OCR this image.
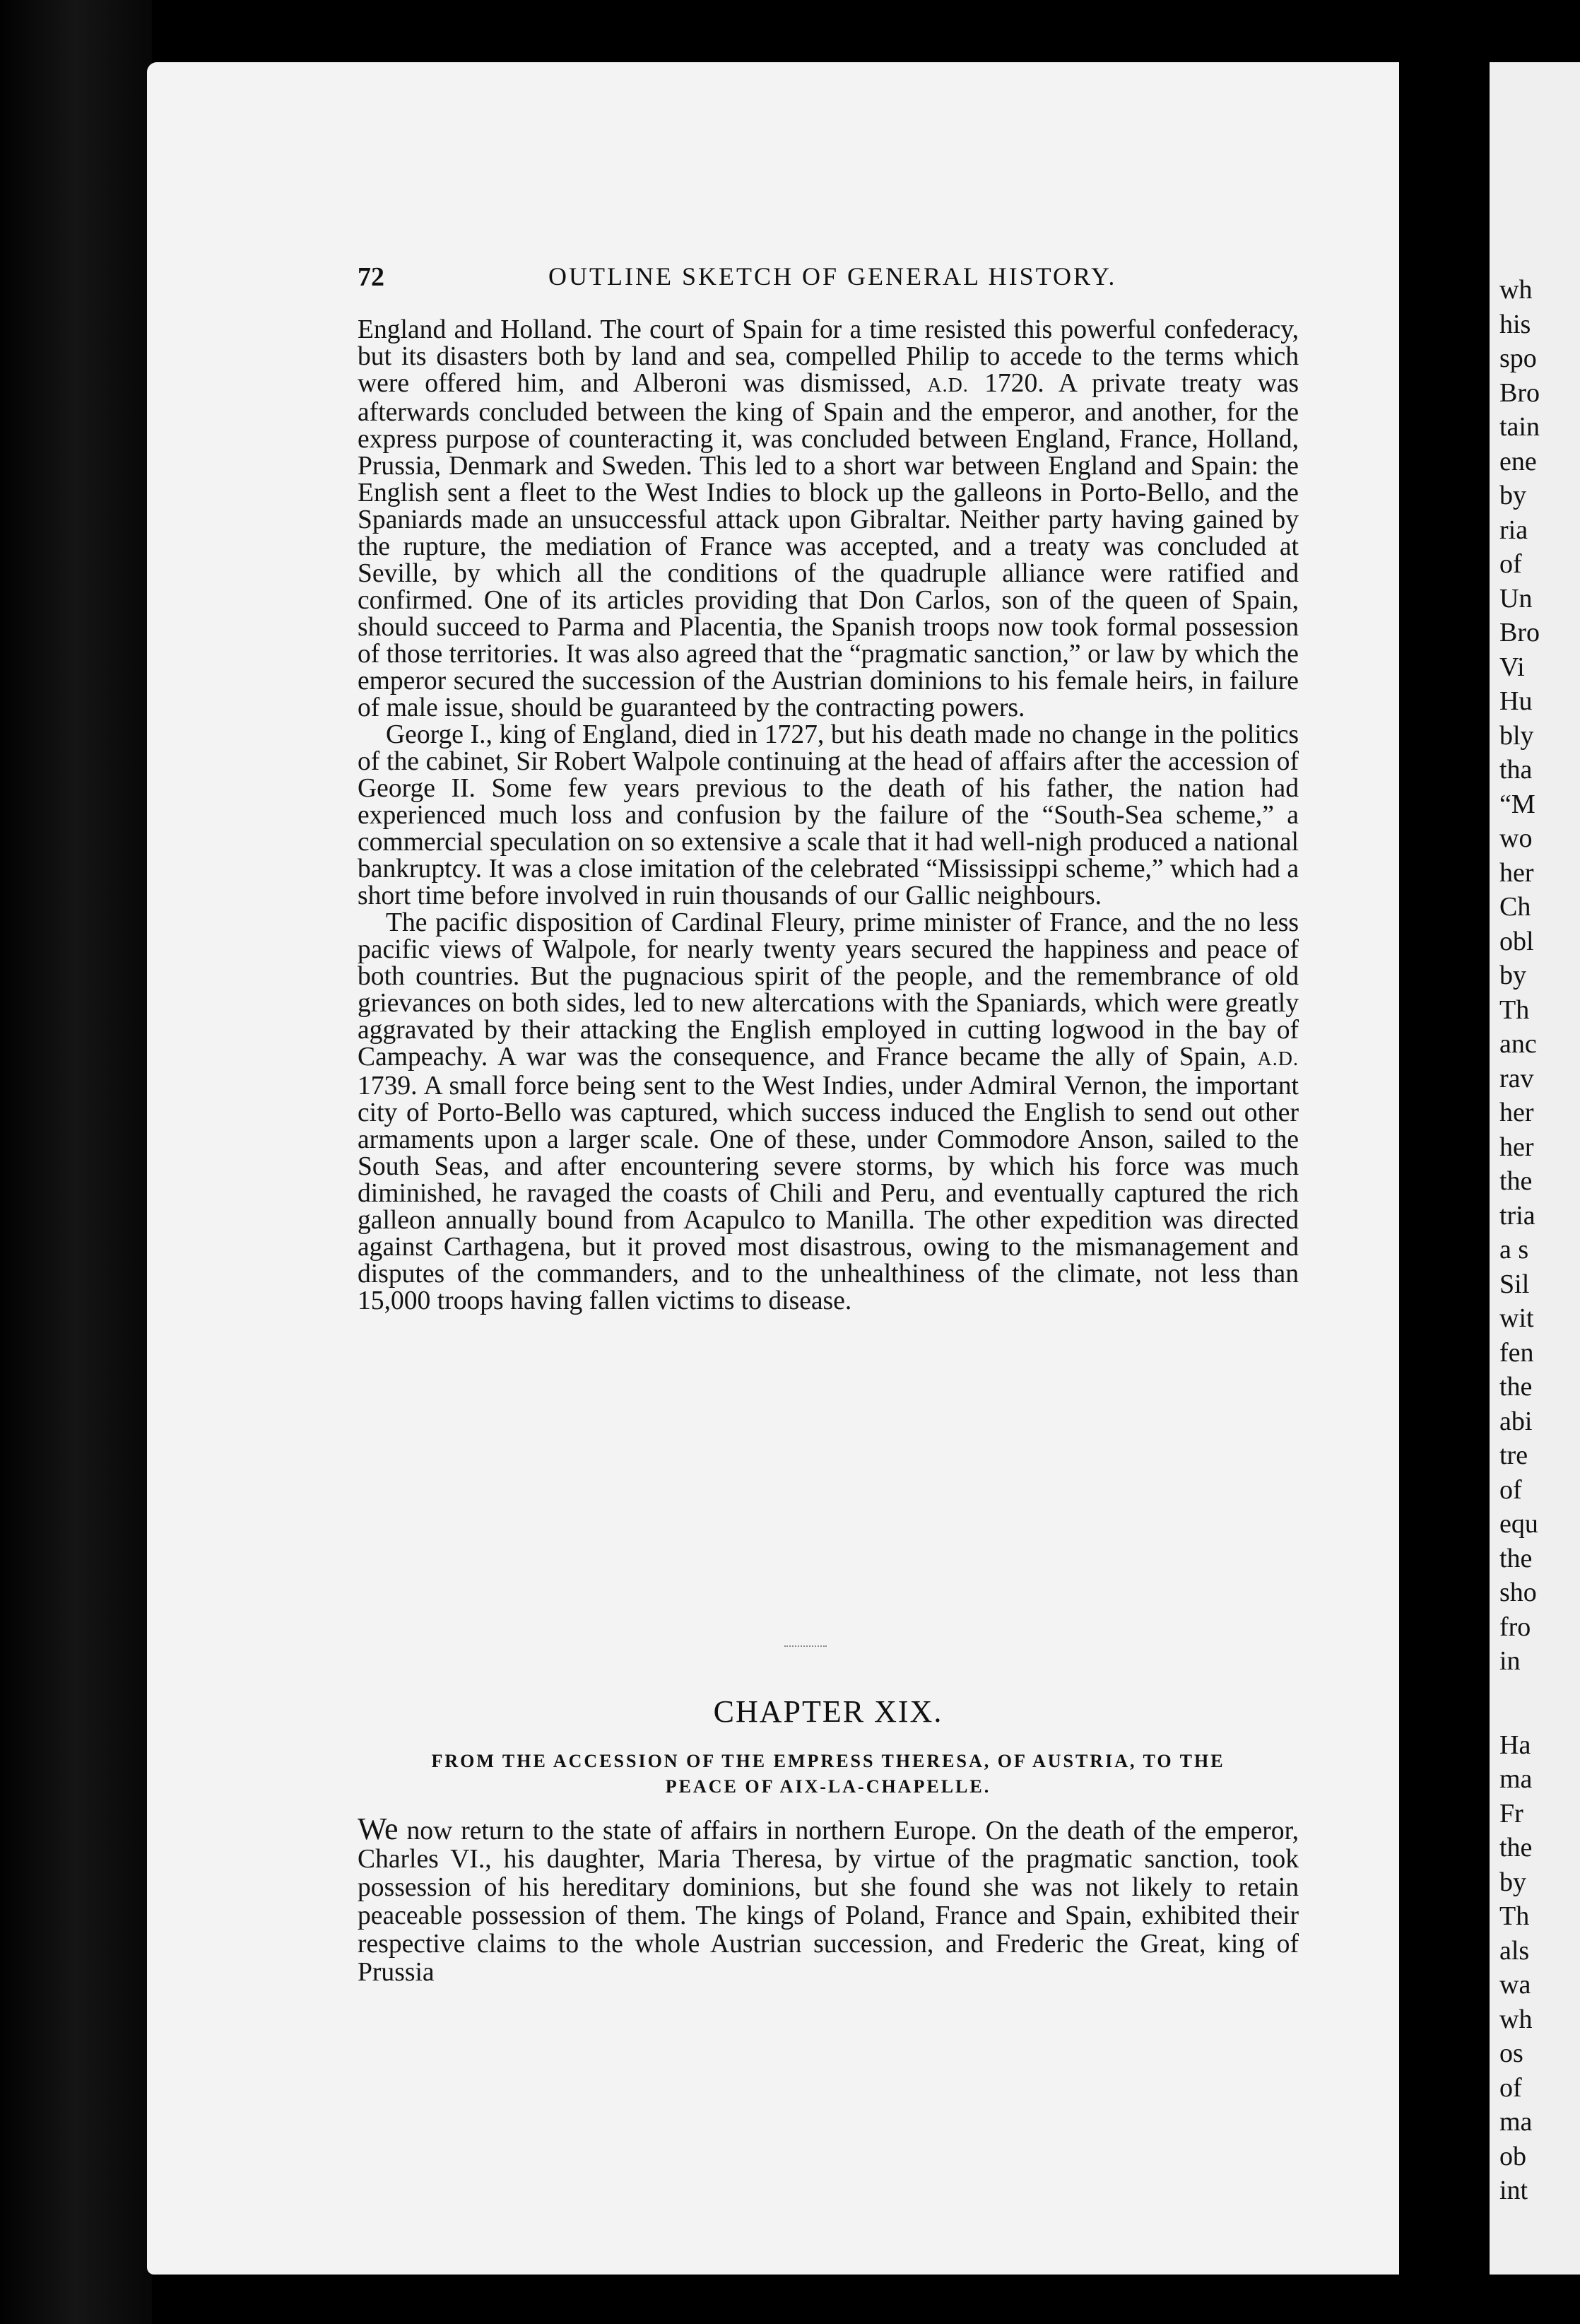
wh
his
spo
Bro
tain
ene
by
ria
of
Un
Bro
Vi
Hu
bly
tha
“M
wo
her
Ch
obl
by
Th
anc
rav
her
her
the
tria
a s
Sil
wit
fen
the
abi
tre
of
equ
the
sho
fro
in
Ha
ma
Fr
the
by
Th
als
wa
wh
os
of
ma
ob
int
72	OUTLINE SKETCH OF GENERAL HISTORY.

England and Holland. The court of Spain for a time resisted this powerful confederacy, but its disasters both by land and sea, compelled Philip to accede to the terms which were offered him, and Alberoni was dismissed, A.D. 1720. A private treaty was afterwards concluded between the king of Spain and the emperor, and another, for the express purpose of counteracting it, was concluded between England, France, Holland, Prussia, Denmark and Sweden. This led to a short war between England and Spain: the English sent a fleet to the West Indies to block up the galleons in Porto-Bello, and the Spaniards made an unsuccessful attack upon Gibraltar. Neither party having gained by the rupture, the mediation of France was accepted, and a treaty was concluded at Seville, by which all the conditions of the quadruple alliance were ratified and confirmed. One of its articles providing that Don Carlos, son of the queen of Spain, should succeed to Parma and Placentia, the Spanish troops now took formal possession of those territories. It was also agreed that the “pragmatic sanction,” or law by which the emperor secured the succession of the Austrian dominions to his female heirs, in failure of male issue, should be guaranteed by the contracting powers.

George I., king of England, died in 1727, but his death made no change in the politics of the cabinet, Sir Robert Walpole continuing at the head of affairs after the accession of George II. Some few years previous to the death of his father, the nation had experienced much loss and confusion by the failure of the “South-Sea scheme,” a commercial speculation on so extensive a scale that it had well-nigh produced a national bankruptcy. It was a close imitation of the celebrated “Mississippi scheme,” which had a short time before involved in ruin thousands of our Gallic neighbours.

The pacific disposition of Cardinal Fleury, prime minister of France, and the no less pacific views of Walpole, for nearly twenty years secured the happiness and peace of both countries. But the pugnacious spirit of the people, and the remembrance of old grievances on both sides, led to new altercations with the Spaniards, which were greatly aggravated by their attacking the English employed in cutting logwood in the bay of Campeachy. A war was the consequence, and France became the ally of Spain, A.D. 1739. A small force being sent to the West Indies, under Admiral Vernon, the important city of Porto-Bello was captured, which success induced the English to send out other armaments upon a larger scale. One of these, under Commodore Anson, sailed to the South Seas, and after encountering severe storms, by which his force was much diminished, he ravaged the coasts of Chili and Peru, and eventually captured the rich galleon annually bound from Acapulco to Manilla. The other expedition was directed against Carthagena, but it proved most disastrous, owing to the mismanagement and disputes of the commanders, and to the unhealthiness of the climate, not less than 15,000 troops having fallen victims to disease.

CHAPTER XIX.
FROM THE ACCESSION OF THE EMPRESS THERESA, OF AUSTRIA, TO THE
PEACE OF AIX-LA-CHAPELLE.

We now return to the state of affairs in northern Europe. On the death of the emperor, Charles VI., his daughter, Maria Theresa, by virtue of the pragmatic sanction, took possession of his hereditary dominions, but she found she was not likely to retain peaceable possession of them. The kings of Poland, France and Spain, exhibited their respective claims to the whole Austrian succession, and Frederic the Great, king of Prussia
